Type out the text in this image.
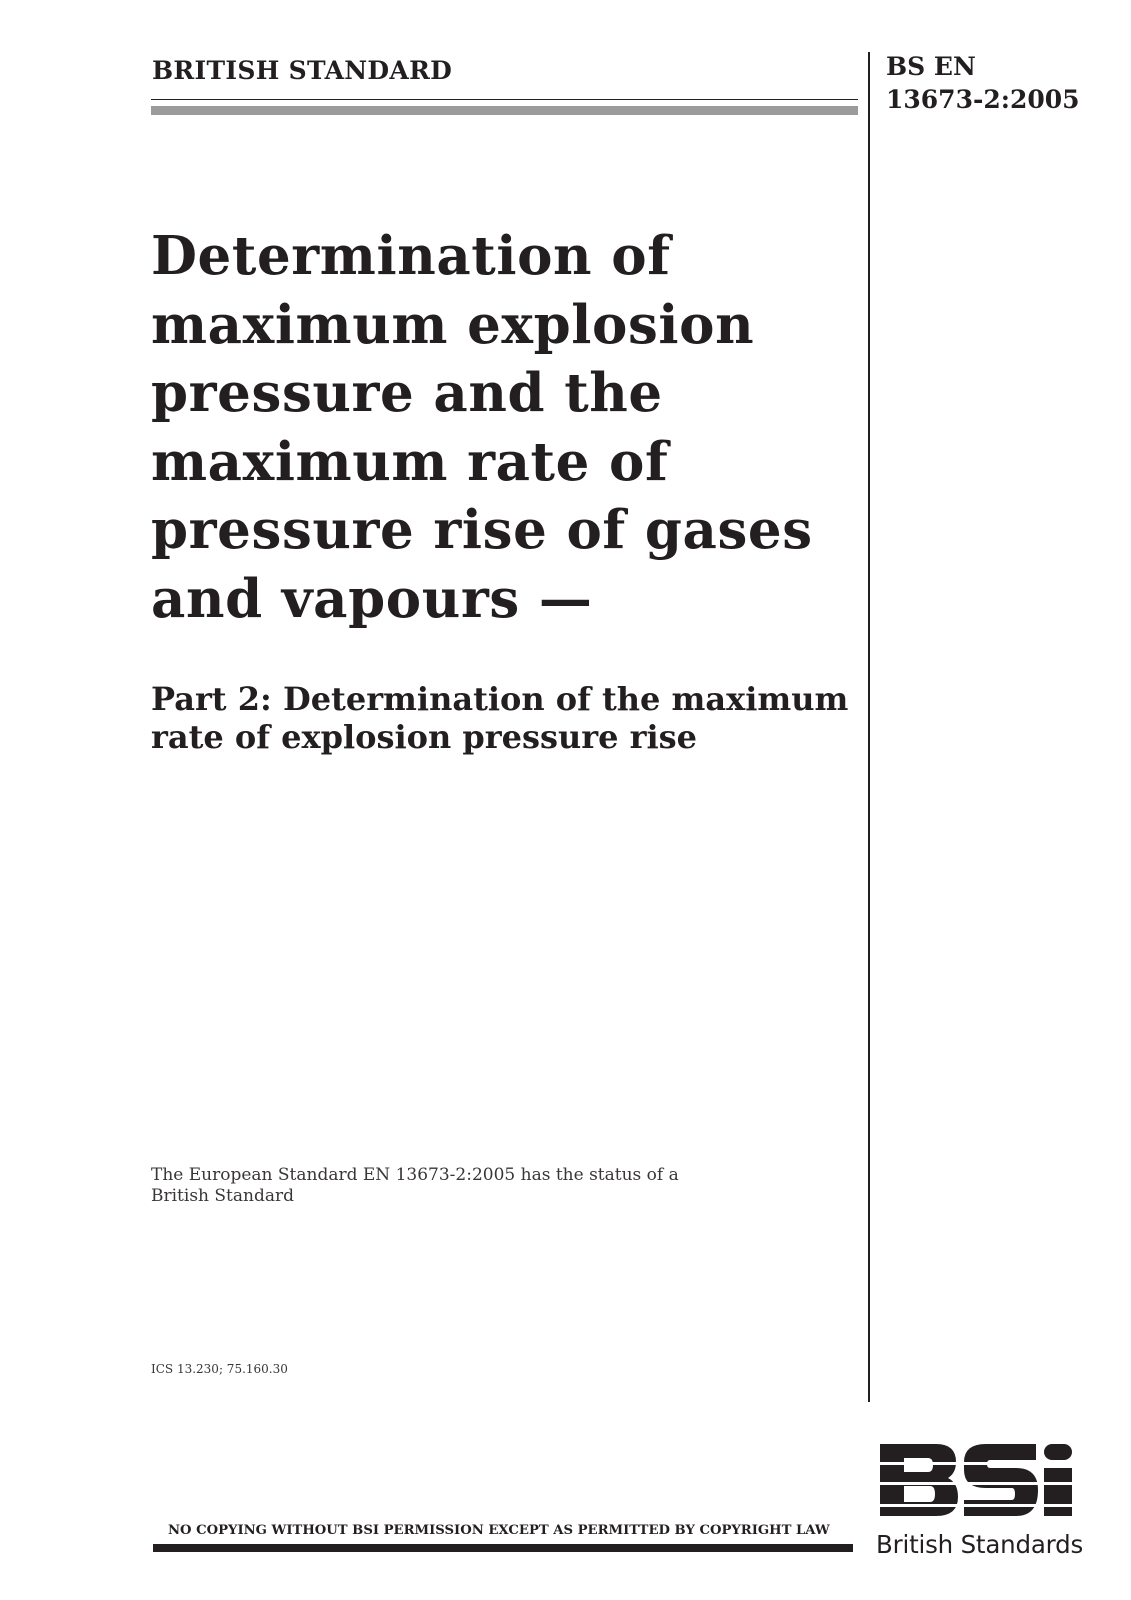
BRITISH STANDARD	BS EN
13673-2:2005
Determination of
maximum explosion
pressure and the
maximum rate of
pressure rise of gases
and vapours —
Part 2: Determination of the maximum
rate of explosion pressure rise
The European Standard EN 13673-2:2005 has the status of a
British Standard
ICS 13.230; 75.160.30
NO COPYING WITHOUT BSI PERMISSION EXCEPT AS PERMITTED BY COPYRIGHT LAW British Standards
